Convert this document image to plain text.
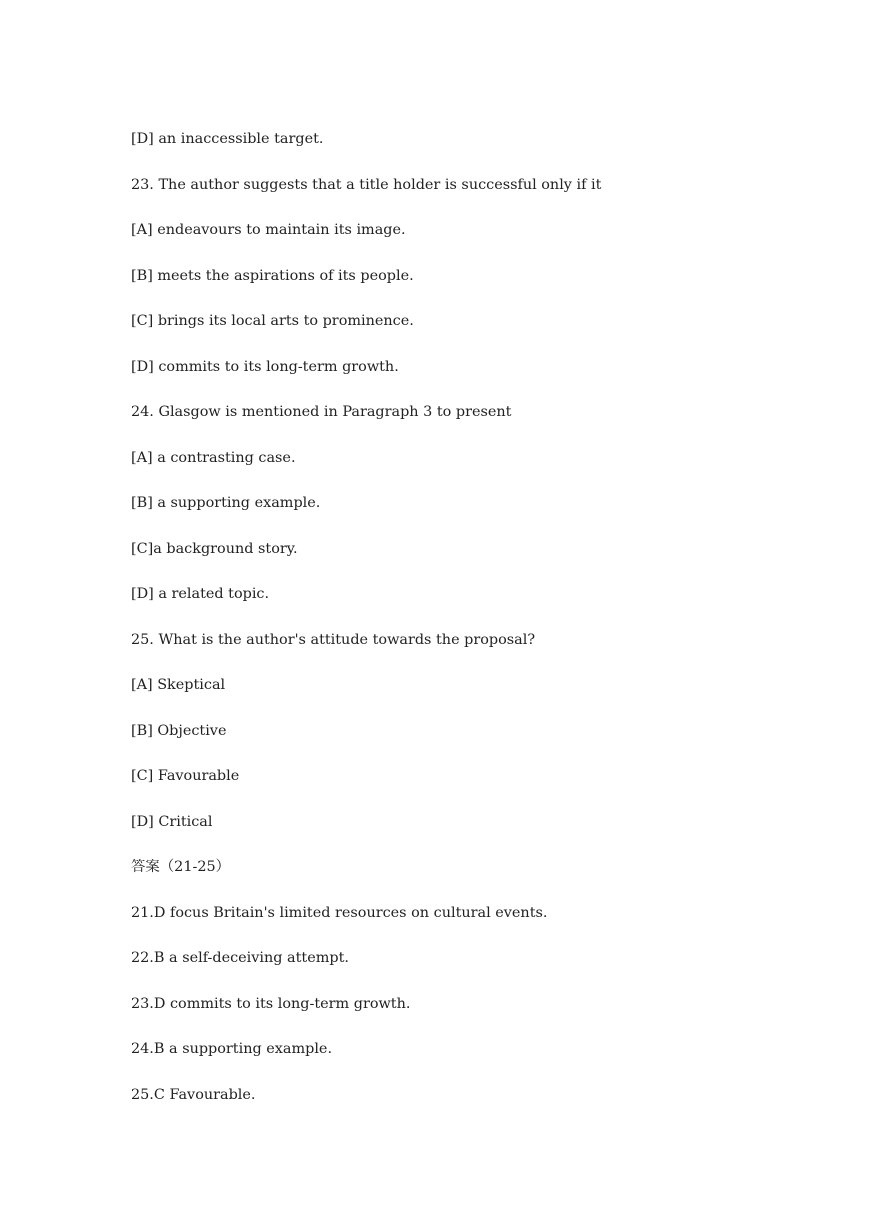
[D] an inaccessible target.
23. The author suggests that a title holder is successful only if it
[A] endeavours to maintain its image.
[B] meets the aspirations of its people.
[C] brings its local arts to prominence.
[D] commits to its long-term growth.
24. Glasgow is mentioned in Paragraph 3 to present
[A] a contrasting case.
[B] a supporting example.
[C]a background story.
[D] a related topic.
25. What is the author's attitude towards the proposal?
[A] Skeptical
[B] Objective
[C] Favourable
[D] Critical
答案（21-25）
21.D focus Britain's limited resources on cultural events.
22.B a self-deceiving attempt.
23.D commits to its long-term growth.
24.B a supporting example.
25.C Favourable.
